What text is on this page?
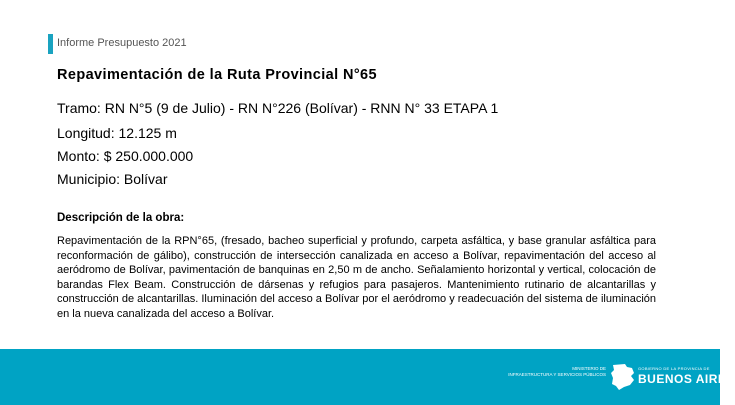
Informe Presupuesto 2021
Repavimentación de la Ruta Provincial N°65
Tramo: RN N°5 (9 de Julio) - RN N°226 (Bolívar) - RNN N° 33 ETAPA 1
Longitud: 12.125 m
Monto: $ 250.000.000
Municipio: Bolívar
Descripción de la obra:

Repavimentación de la RPN°65, (fresado, bacheo superficial y profundo, carpeta asfáltica, y base granular asfáltica para reconformación de gálibo), construcción de intersección canalizada en acceso a Bolívar, repavimentación del acceso al aeródromo de Bolívar, pavimentación de banquinas en 2,50 m de ancho. Señalamiento horizontal y vertical, colocación de barandas Flex Beam. Construcción de dársenas y refugios para pasajeros. Mantenimiento rutinario de alcantarillas y construcción de alcantarillas. Iluminación del acceso a Bolívar por el aeródromo y readecuación del sistema de iluminación en la nueva canalizada del acceso a Bolívar.

MINISTERIO DE
INFRAESTRUCTURA Y SERVICIOS PÚBLICOS
GOBIERNO DE LA PROVINCIA DE
BUENOS AIRES
